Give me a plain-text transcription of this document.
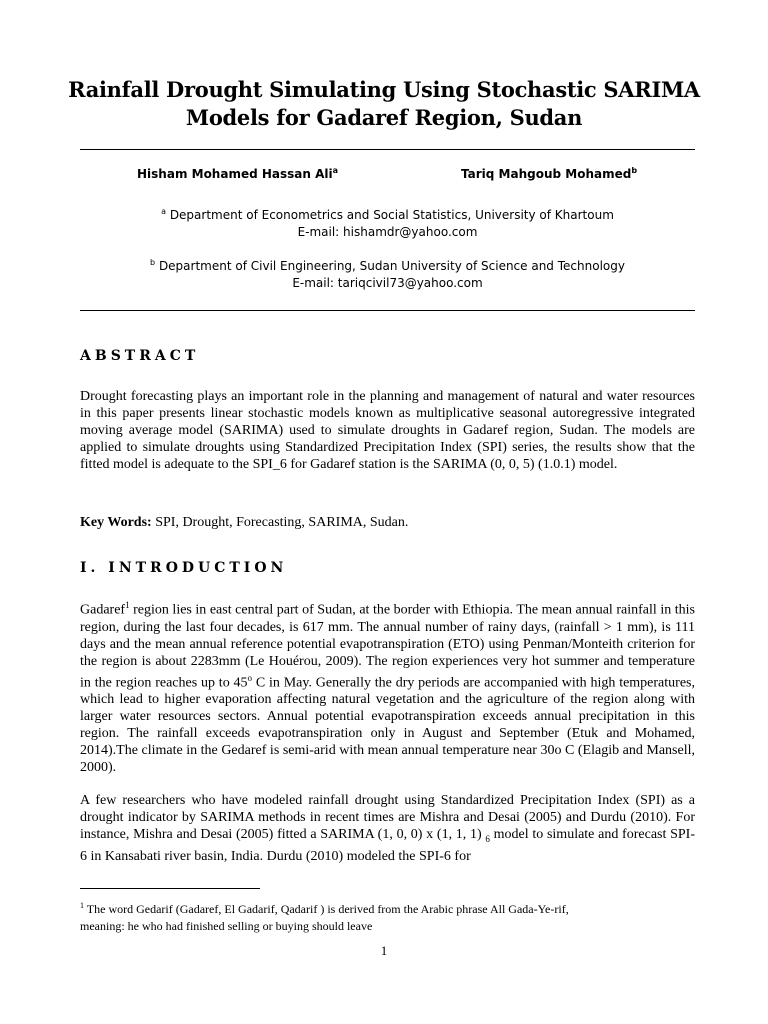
Rainfall Drought Simulating Using Stochastic SARIMA
Models for Gadaref Region, Sudan
Hisham Mohamed Hassan Ali$^a$	Tariq Mahgoub Mohamed$^b$
$^a$ Department of Econometrics and Social Statistics, University of Khartoum
E-mail: hishamdr@yahoo.com
$^b$ Department of Civil Engineering, Sudan University of Science and Technology
E-mail: tariqcivil73@yahoo.com
ABSTRACT

Drought forecasting plays an important role in the planning and management of natural and water resources in this paper presents linear stochastic models known as multiplicative seasonal autoregressive integrated moving average model (SARIMA) used to simulate droughts in Gadaref region, Sudan. The models are applied to simulate droughts using Standardized Precipitation Index (SPI) series, the results show that the fitted model is adequate to the SPI_6 for Gadaref station is the SARIMA (0, 0, 5) (1.0.1) model.

Key Words: SPI, Drought, Forecasting, SARIMA, Sudan.

I. INTRODUCTION

Gadaref$^1$ region lies in east central part of Sudan, at the border with Ethiopia. The mean annual rainfall in this region, during the last four decades, is 617 mm. The annual number of rainy days, (rainfall > 1 mm), is 111 days and the mean annual reference potential evapotranspiration (ETO) using Penman/Monteith criterion for the region is about 2283mm (Le Houérou, 2009). The region experiences very hot summer and temperature in the region reaches up to 45$^o$ C in May. Generally the dry periods are accompanied with high temperatures, which lead to higher evaporation affecting natural vegetation and the agriculture of the region along with larger water resources sectors. Annual potential evapotranspiration exceeds annual precipitation in this region. The rainfall exceeds evapotranspiration only in August and September (Etuk and Mohamed, 2014).The climate in the Gedaref is semi-arid with mean annual temperature near 30o C (Elagib and Mansell, 2000).

A few researchers who have modeled rainfall drought using Standardized Precipitation Index (SPI) as a drought indicator by SARIMA methods in recent times are Mishra and Desai (2005) and Durdu (2010). For instance, Mishra and Desai (2005) fitted a SARIMA (1, 0, 0) x (1, 1, 1) $_6$ model to simulate and forecast SPI-6 in Kansabati river basin, India. Durdu (2010) modeled the SPI-6 for

$^1$ The word Gedarif (Gadaref, El Gadarif, Qadarif ) is derived from the Arabic phrase All Gada-Ye-rif,
meaning: he who had finished selling or buying should leave

1
